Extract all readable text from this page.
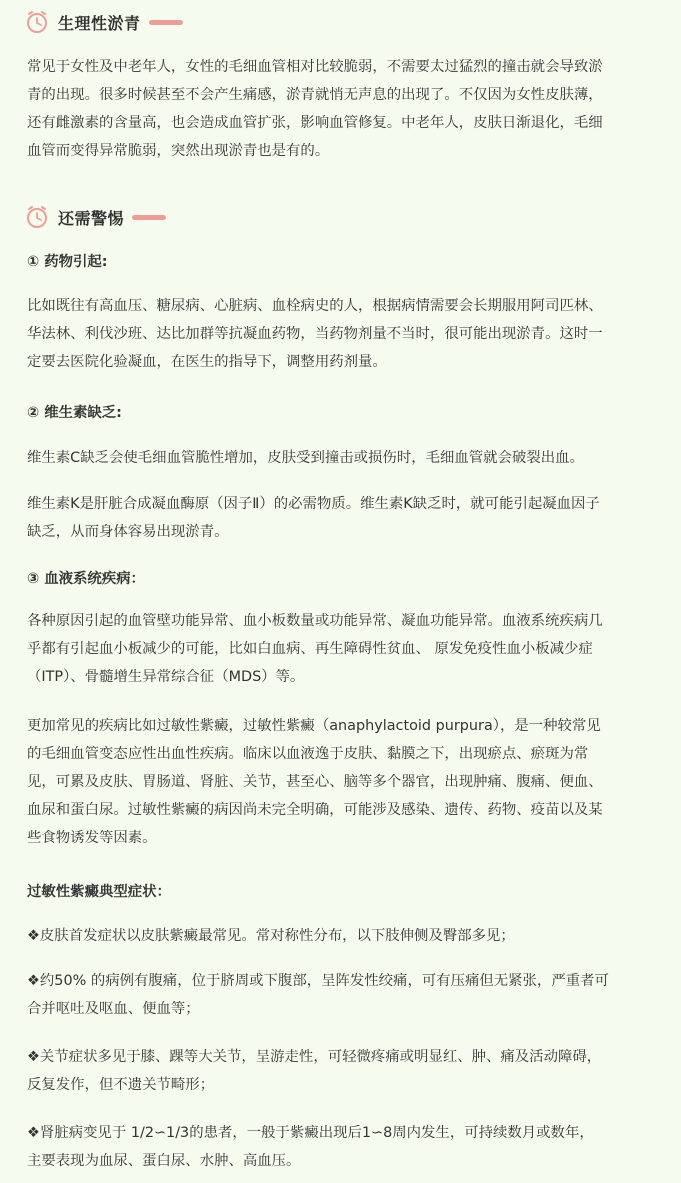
生理性淤青

常见于女性及中老年人，女性的毛细血管相对比较脆弱，不需要太过猛烈的撞击就会导致淤
青的出现。很多时候甚至不会产生痛感，淤青就悄无声息的出现了。不仅因为女性皮肤薄，
还有雌激素的含量高，也会造成血管扩张，影响血管修复。中老年人，皮肤日渐退化，毛细
血管而变得异常脆弱，突然出现淤青也是有的。

还需警惕

① 药物引起:

比如既往有高血压、糖尿病、心脏病、血栓病史的人，根据病情需要会长期服用阿司匹林、
华法林、利伐沙班、达比加群等抗凝血药物，当药物剂量不当时，很可能出现淤青。这时一
定要去医院化验凝血，在医生的指导下，调整用药剂量。

② 维生素缺乏:

维生素C缺乏会使毛细血管脆性增加，皮肤受到撞击或损伤时，毛细血管就会破裂出血。

维生素K是肝脏合成凝血酶原（因子Ⅱ）的必需物质。维生素K缺乏时，就可能引起凝血因子
缺乏，从而身体容易出现淤青。

③ 血液系统疾病：

各种原因引起的血管壁功能异常、血小板数量或功能异常、凝血功能异常。血液系统疾病几
乎都有引起血小板减少的可能，比如白血病、再生障碍性贫血、 原发免疫性血小板减少症
（ITP）、骨髓增生异常综合征（MDS）等。

更加常见的疾病比如过敏性紫癜，过敏性紫癜（anaphylactoid purpura），是一种较常见
的毛细血管变态应性出血性疾病。临床以血液逸于皮肤、黏膜之下，出现瘀点、瘀斑为常
见，可累及皮肤、胃肠道、肾脏、关节，甚至心、脑等多个器官，出现肿痛、腹痛、便血、
血尿和蛋白尿。过敏性紫癜的病因尚未完全明确，可能涉及感染、遗传、药物、疫苗以及某
些食物诱发等因素。

过敏性紫癜典型症状：

❖皮肤首发症状以皮肤紫癜最常见。常对称性分布，以下肢伸侧及臀部多见；

❖约50% 的病例有腹痛，位于脐周或下腹部，呈阵发性绞痛，可有压痛但无紧张，严重者可
合并呕吐及呕血、便血等；

❖关节症状多见于膝、踝等大关节，呈游走性，可轻微疼痛或明显红、肿、痛及活动障碍，
反复发作，但不遗关节畸形；

❖肾脏病变见于 1/2∽1/3的患者，一般于紫癜出现后1∽8周内发生，可持续数月或数年，
主要表现为血尿、蛋白尿、水肿、高血压。
